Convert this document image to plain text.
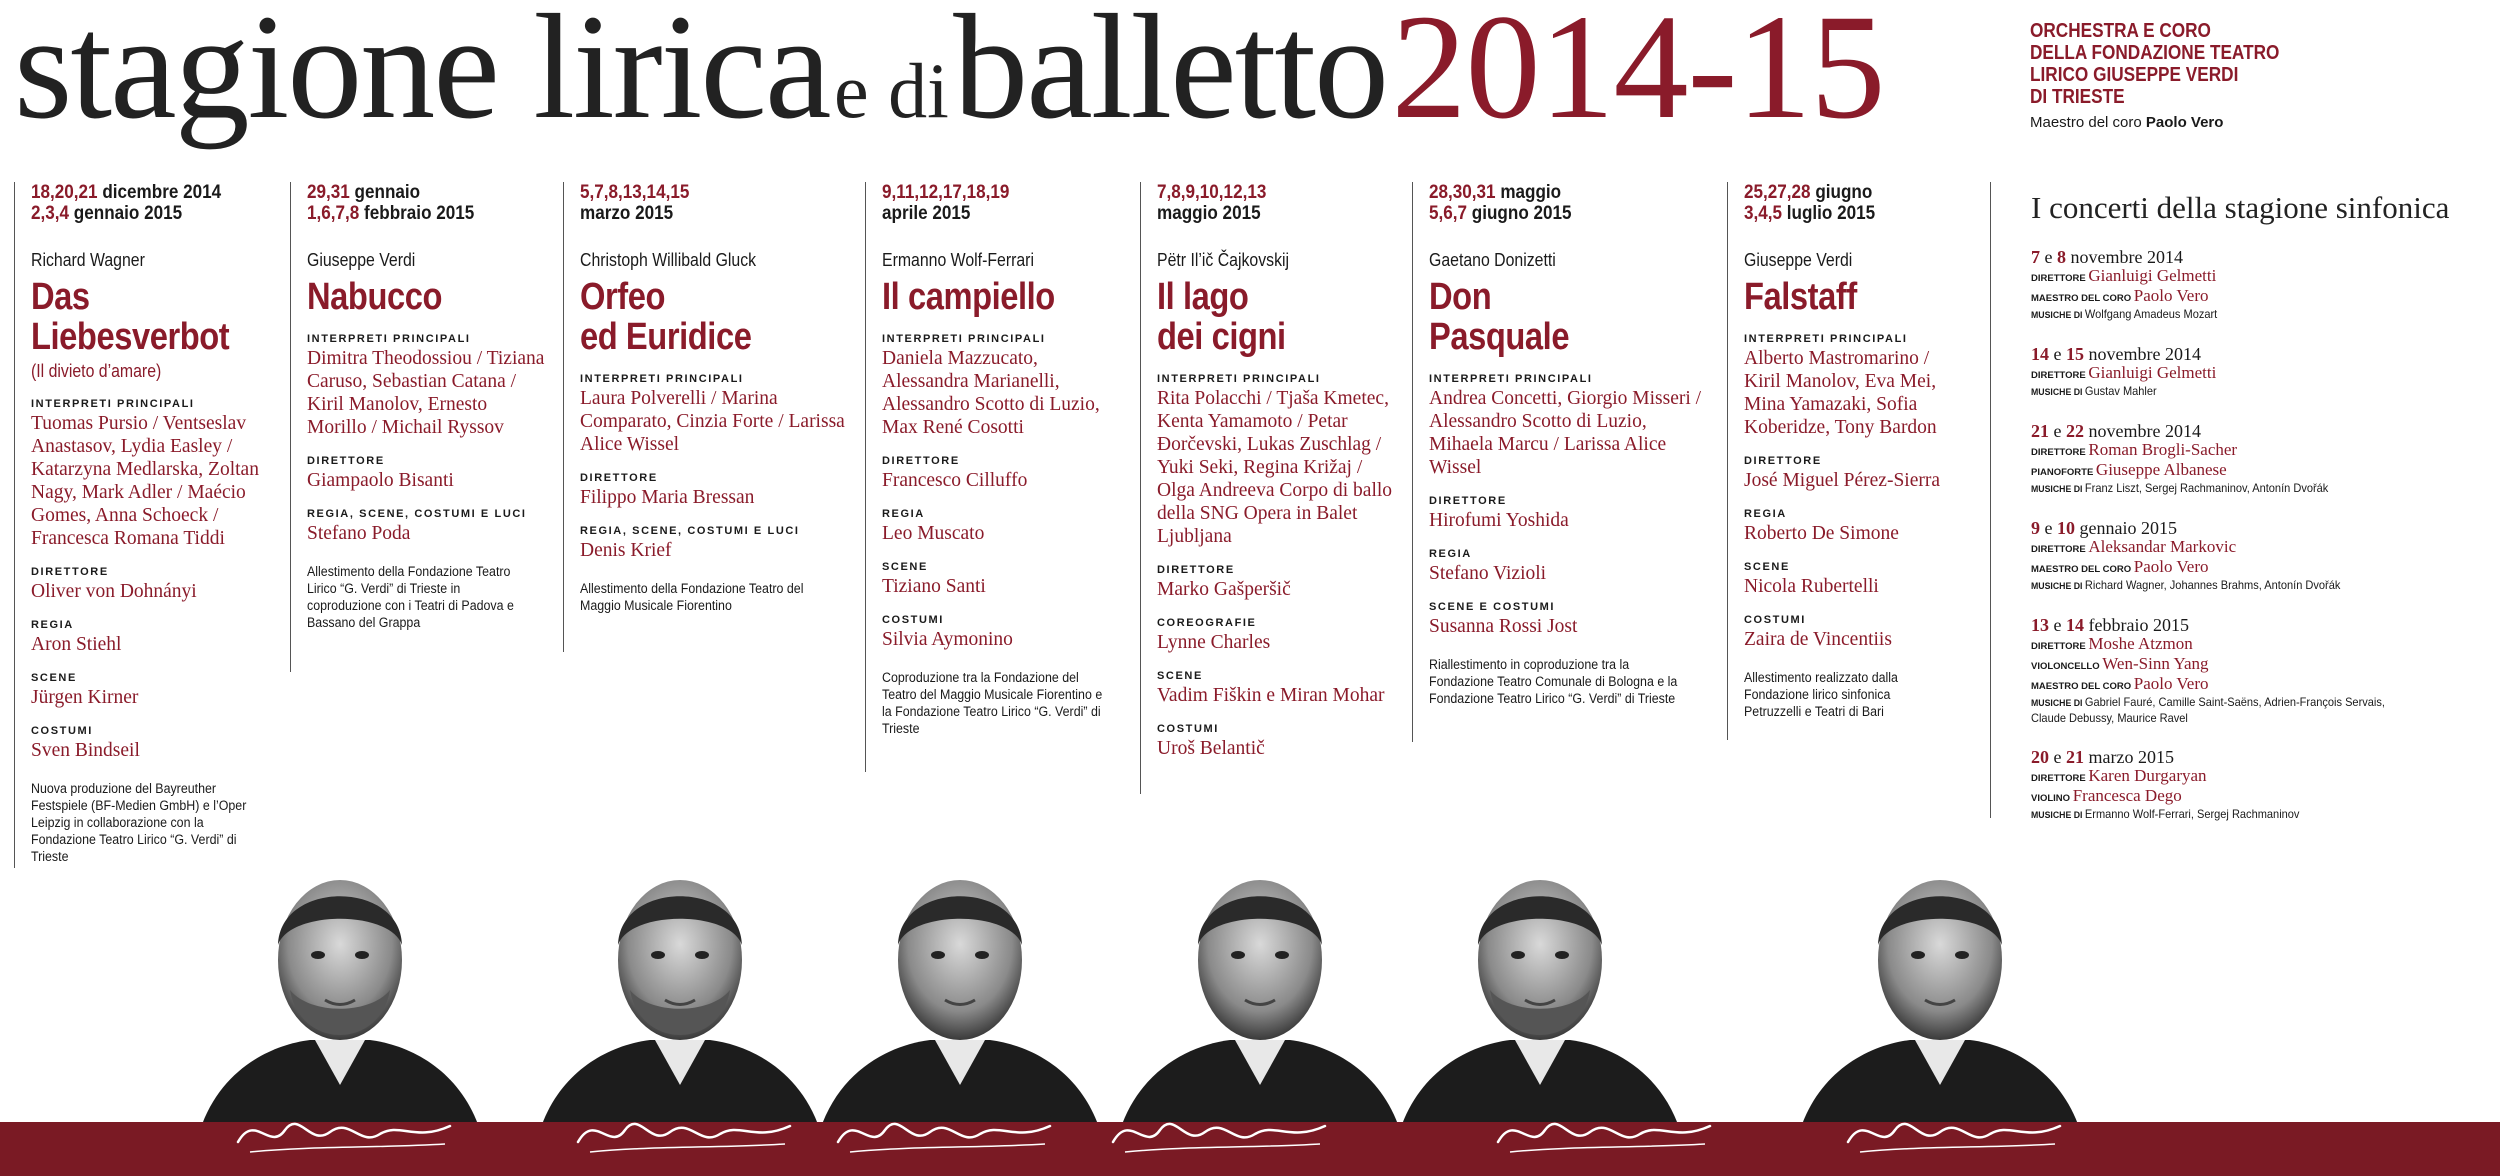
stagione lirica e di balletto 2014-15	ORCHESTRA E CORO
DELLA FONDAZIONE TEATRO
LIRICO GIUSEPPE VERDI
DI TRIESTE
Maestro del coro Paolo Vero
18,20,21 dicembre 2014
2,3,4 gennaio 2015
Richard Wagner
Das
Liebesverbot
(Il divieto d’amare)
INTERPRETI PRINCIPALI
Tuomas Pursio / Ventseslav Anastasov, Lydia Easley / Katarzyna Medlarska, Zoltan Nagy, Mark Adler / Maécio Gomes, Anna Schoeck / Francesca Romana Tiddi
DIRETTORE
Oliver von Dohnányi
REGIA
Aron Stiehl
SCENE
Jürgen Kirner
COSTUMI
Sven Bindseil
Nuova produzione del Bayreuther Festspiele (BF-Medien GmbH) e l’Oper Leipzig in collaborazione con la Fondazione Teatro Lirico “G. Verdi” di Trieste
29,31 gennaio
1,6,7,8 febbraio 2015
Giuseppe Verdi
Nabucco
INTERPRETI PRINCIPALI
Dimitra Theodossiou / Tiziana Caruso, Sebastian Catana / Kiril Manolov, Ernesto Morillo / Michail Ryssov
DIRETTORE
Giampaolo Bisanti
REGIA, SCENE, COSTUMI E LUCI
Stefano Poda
Allestimento della Fondazione Teatro Lirico “G. Verdi” di Trieste in coproduzione con i Teatri di Padova e Bassano del Grappa
5,7,8,13,14,15
marzo 2015
Christoph Willibald Gluck
Orfeo
ed Euridice
INTERPRETI PRINCIPALI
Laura Polverelli / Marina Comparato, Cinzia Forte / Larissa Alice Wissel
DIRETTORE
Filippo Maria Bressan
REGIA, SCENE, COSTUMI E LUCI
Denis Krief
Allestimento della Fondazione Teatro del Maggio Musicale Fiorentino
9,11,12,17,18,19
aprile 2015
Ermanno Wolf-Ferrari
Il campiello
INTERPRETI PRINCIPALI
Daniela Mazzucato, Alessandra Marianelli, Alessandro Scotto di Luzio, Max René Cosotti
DIRETTORE
Francesco Cilluffo
REGIA
Leo Muscato
SCENE
Tiziano Santi
COSTUMI
Silvia Aymonino
Coproduzione tra la Fondazione del Teatro del Maggio Musicale Fiorentino e la Fondazione Teatro Lirico “G. Verdi” di Trieste
7,8,9,10,12,13
maggio 2015
Pëtr Il’ič Čajkovskij
Il lago
dei cigni
INTERPRETI PRINCIPALI
Rita Polacchi / Tjaša Kmetec, Kenta Yamamoto / Petar Đorčevski, Lukas Zuschlag / Yuki Seki, Regina Križaj / Olga Andreeva Corpo di ballo della SNG Opera in Balet Ljubljana
DIRETTORE
Marko Gašperšič
COREOGRAFIE
Lynne Charles
SCENE
Vadim Fiškin e Miran Mohar
COSTUMI
Uroš Belantič
28,30,31 maggio
5,6,7 giugno 2015
Gaetano Donizetti
Don
Pasquale
INTERPRETI PRINCIPALI
Andrea Concetti, Giorgio Misseri / Alessandro Scotto di Luzio, Mihaela Marcu / Larissa Alice Wissel
DIRETTORE
Hirofumi Yoshida
REGIA
Stefano Vizioli
SCENE E COSTUMI
Susanna Rossi Jost
Riallestimento in coproduzione tra la Fondazione Teatro Comunale di Bologna e la Fondazione Teatro Lirico “G. Verdi” di Trieste
25,27,28 giugno
3,4,5 luglio 2015
Giuseppe Verdi
Falstaff
INTERPRETI PRINCIPALI
Alberto Mastromarino / Kiril Manolov, Eva Mei, Mina Yamazaki, Sofia Koberidze, Tony Bardon
DIRETTORE
José Miguel Pérez-Sierra
REGIA
Roberto De Simone
SCENE
Nicola Rubertelli
COSTUMI
Zaira de Vincentiis
Allestimento realizzato dalla Fondazione lirico sinfonica Petruzzelli e Teatri di Bari
I concerti della stagione sinfonica
7 e 8 novembre 2014
DIRETTORE Gianluigi Gelmetti
MAESTRO DEL CORO Paolo Vero
MUSICHE DI Wolfgang Amadeus Mozart
14 e 15 novembre 2014
DIRETTORE Gianluigi Gelmetti
MUSICHE DI Gustav Mahler
21 e 22 novembre 2014
DIRETTORE Roman Brogli-Sacher
PIANOFORTE Giuseppe Albanese
MUSICHE DI Franz Liszt, Sergej Rachmaninov, Antonín Dvořák
9 e 10 gennaio 2015
DIRETTORE Aleksandar Markovic
MAESTRO DEL CORO Paolo Vero
MUSICHE DI Richard Wagner, Johannes Brahms, Antonín Dvořák
13 e 14 febbraio 2015
DIRETTORE Moshe Atzmon
VIOLONCELLO Wen-Sinn Yang
MAESTRO DEL CORO Paolo Vero
MUSICHE DI Gabriel Fauré, Camille Saint-Saëns, Adrien-François Servais, Claude Debussy, Maurice Ravel
20 e 21 marzo 2015
DIRETTORE Karen Durgaryan
VIOLINO Francesca Dego
MUSICHE DI Ermanno Wolf-Ferrari, Sergej Rachmaninov
